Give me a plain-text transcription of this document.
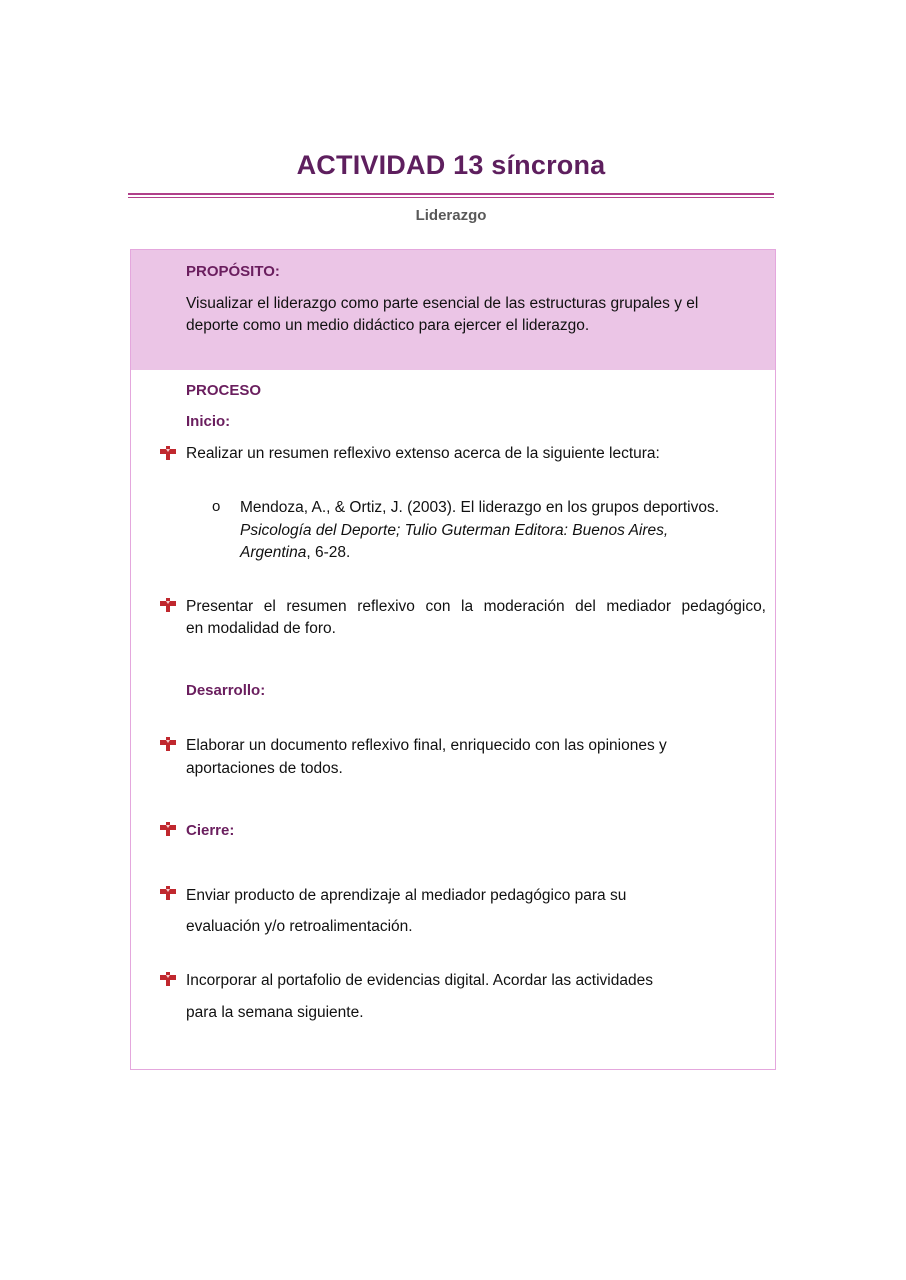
ACTIVIDAD 13 síncrona
Liderazgo
PROPÓSITO:
Visualizar el liderazgo como parte esencial de las estructuras grupales y el
deporte como un medio didáctico para ejercer el liderazgo.
PROCESO
Inicio:
Realizar un resumen reflexivo extenso acerca de la siguiente lectura:
o Mendoza, A., & Ortiz, J. (2003). El liderazgo en los grupos deportivos.
Psicología del Deporte; Tulio Guterman Editora: Buenos Aires,
Argentina, 6-28.
Presentar el resumen reflexivo con la moderación del mediador pedagógico,
en modalidad de foro.
Desarrollo:
Elaborar un documento reflexivo final, enriquecido con las opiniones y
aportaciones de todos.
Cierre:
Enviar producto de aprendizaje al mediador pedagógico para su
evaluación y/o retroalimentación.
Incorporar al portafolio de evidencias digital. Acordar las actividades
para la semana siguiente.
